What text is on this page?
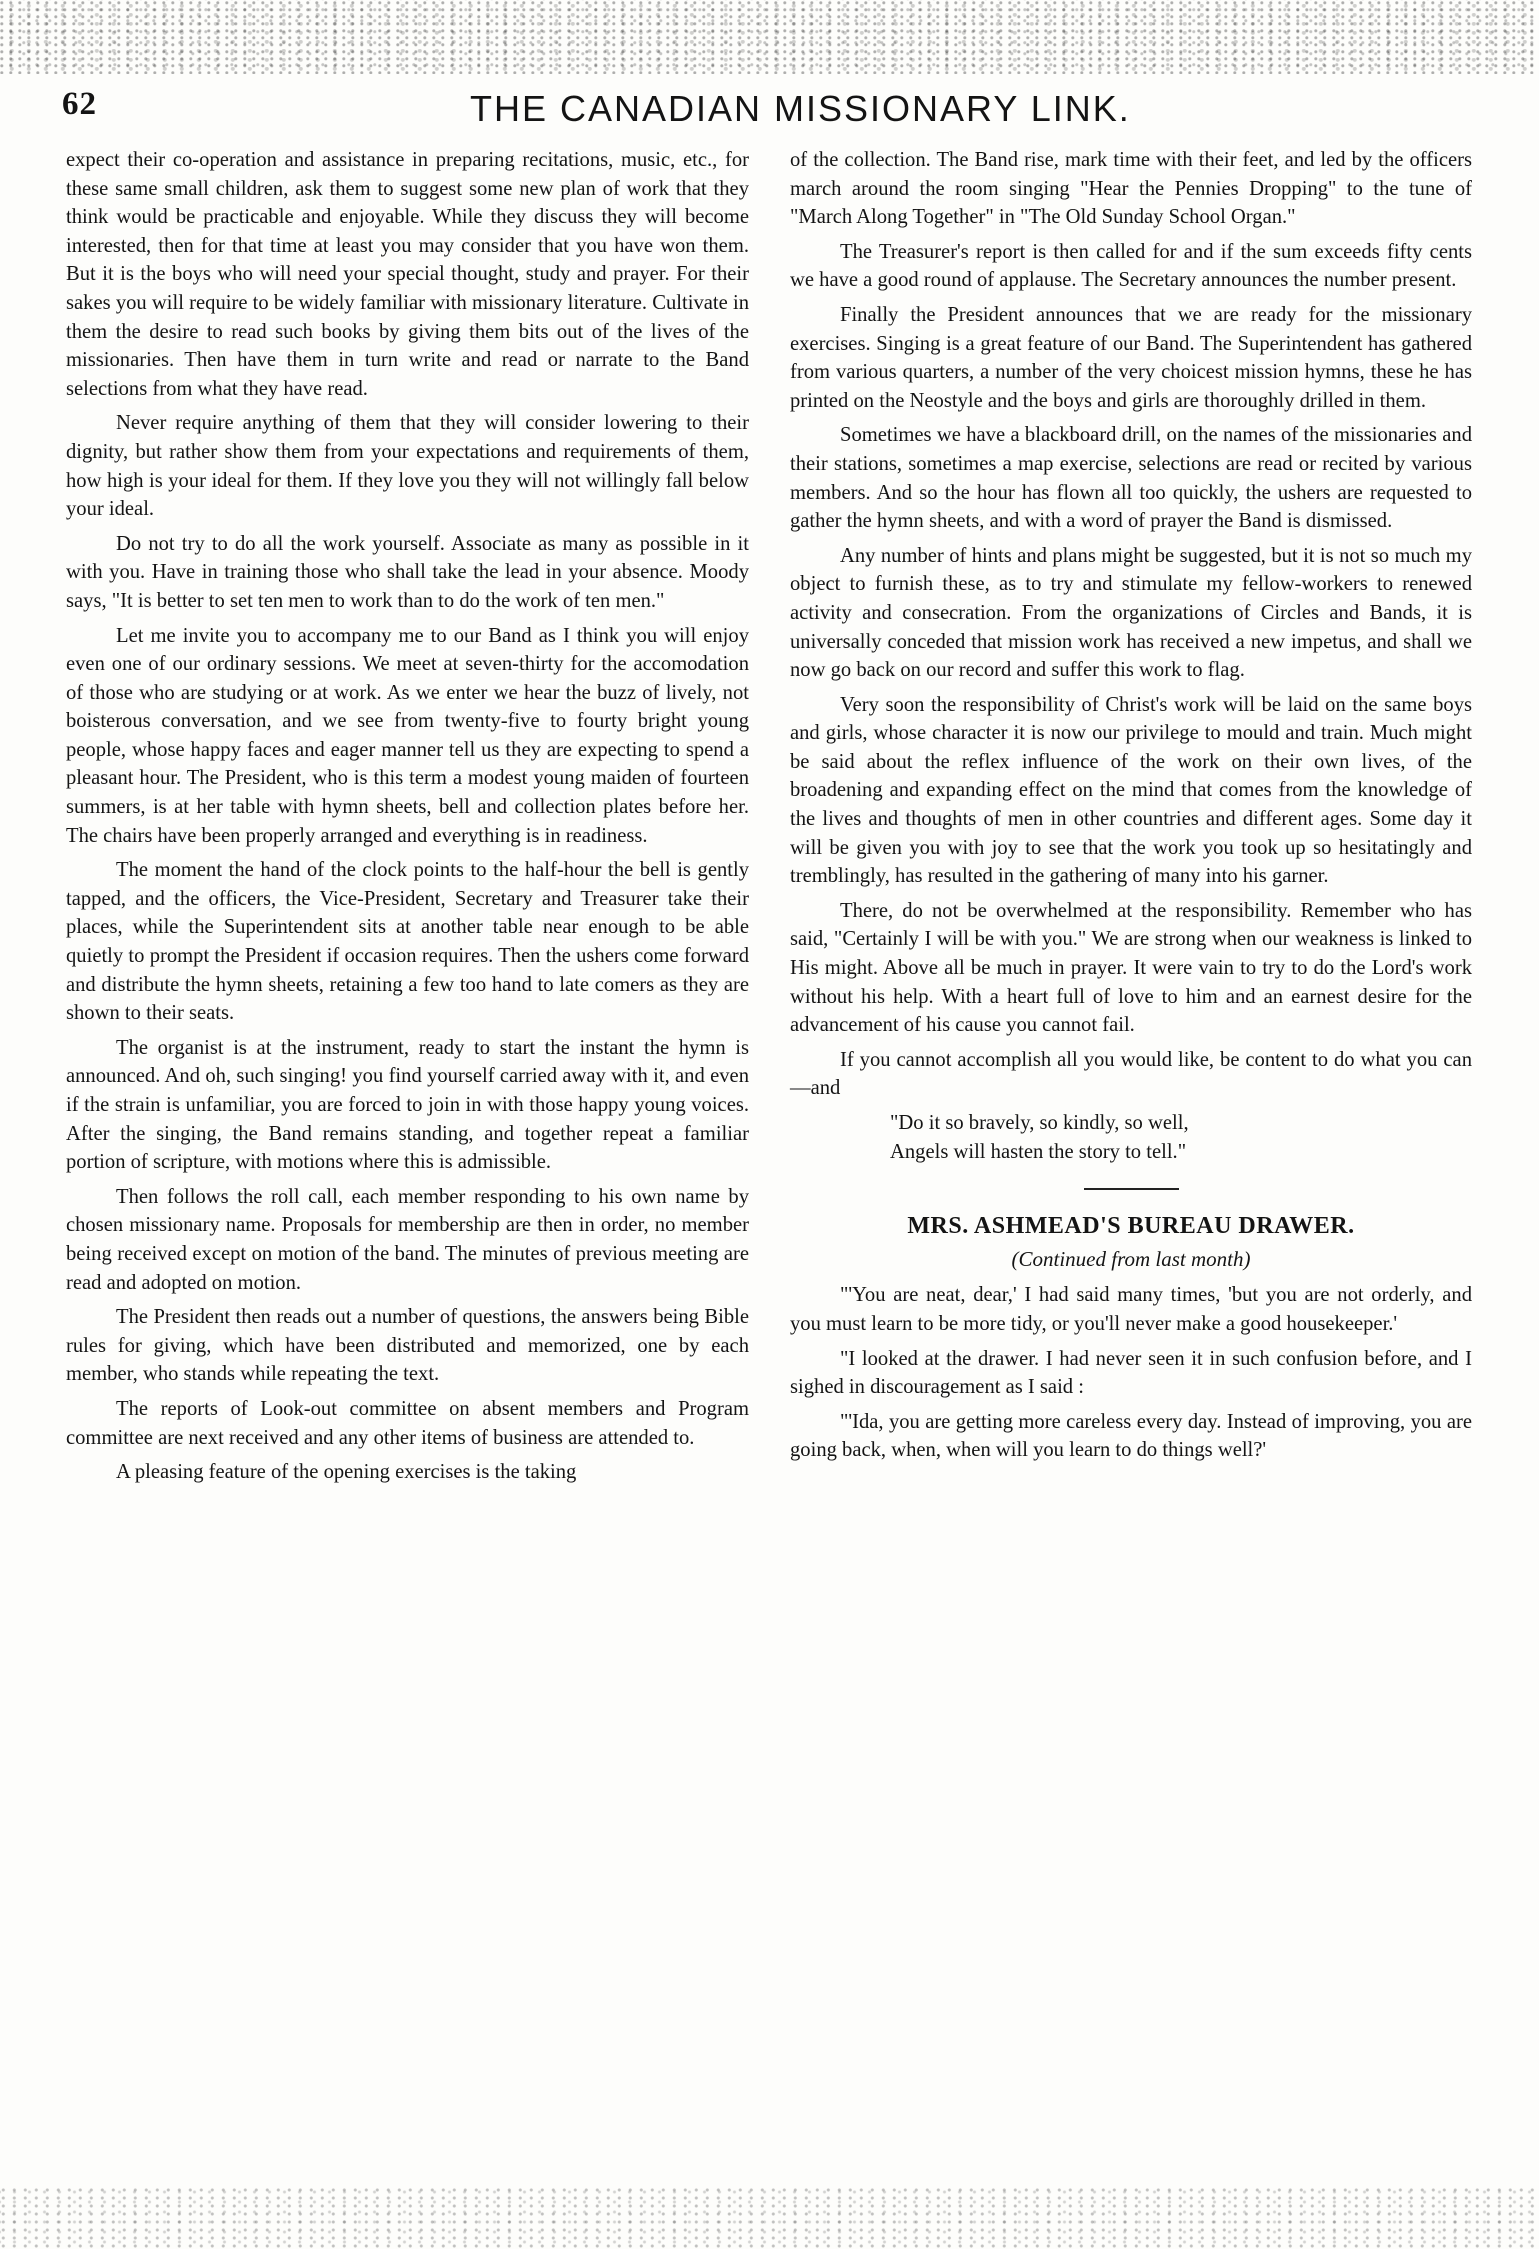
62	THE CANADIAN MISSIONARY LINK.

expect their co-operation and assistance in preparing recitations, music, etc., for these same small children, ask them to suggest some new plan of work that they think would be practicable and enjoyable. While they discuss they will become interested, then for that time at least you may consider that you have won them. But it is the boys who will need your special thought, study and prayer. For their sakes you will require to be widely familiar with missionary literature. Cultivate in them the desire to read such books by giving them bits out of the lives of the missionaries. Then have them in turn write and read or narrate to the Band selections from what they have read.

Never require anything of them that they will consider lowering to their dignity, but rather show them from your expectations and requirements of them, how high is your ideal for them. If they love you they will not willingly fall below your ideal.

Do not try to do all the work yourself. Associate as many as possible in it with you. Have in training those who shall take the lead in your absence. Moody says, "It is better to set ten men to work than to do the work of ten men."

Let me invite you to accompany me to our Band as I think you will enjoy even one of our ordinary sessions. We meet at seven-thirty for the accomodation of those who are studying or at work. As we enter we hear the buzz of lively, not boisterous conversation, and we see from twenty-five to fourty bright young people, whose happy faces and eager manner tell us they are expecting to spend a pleasant hour. The President, who is this term a modest young maiden of fourteen summers, is at her table with hymn sheets, bell and collection plates before her. The chairs have been properly arranged and everything is in readiness.

The moment the hand of the clock points to the half-hour the bell is gently tapped, and the officers, the Vice-President, Secretary and Treasurer take their places, while the Superintendent sits at another table near enough to be able quietly to prompt the President if occasion requires. Then the ushers come forward and distribute the hymn sheets, retaining a few too hand to late comers as they are shown to their seats.

The organist is at the instrument, ready to start the instant the hymn is announced. And oh, such singing! you find yourself carried away with it, and even if the strain is unfamiliar, you are forced to join in with those happy young voices. After the singing, the Band remains standing, and together repeat a familiar portion of scripture, with motions where this is admissible.

Then follows the roll call, each member responding to his own name by chosen missionary name. Proposals for membership are then in order, no member being received except on motion of the band. The minutes of previous meeting are read and adopted on motion.

The President then reads out a number of questions, the answers being Bible rules for giving, which have been distributed and memorized, one by each member, who stands while repeating the text.

The reports of Look-out committee on absent members and Program committee are next received and any other items of business are attended to.

A pleasing feature of the opening exercises is the taking

of the collection. The Band rise, mark time with their feet, and led by the officers march around the room singing "Hear the Pennies Dropping" to the tune of "March Along Together" in "The Old Sunday School Organ."

The Treasurer's report is then called for and if the sum exceeds fifty cents we have a good round of applause. The Secretary announces the number present.

Finally the President announces that we are ready for the missionary exercises. Singing is a great feature of our Band. The Superintendent has gathered from various quarters, a number of the very choicest mission hymns, these he has printed on the Neostyle and the boys and girls are thoroughly drilled in them.

Sometimes we have a blackboard drill, on the names of the missionaries and their stations, sometimes a map exercise, selections are read or recited by various members. And so the hour has flown all too quickly, the ushers are requested to gather the hymn sheets, and with a word of prayer the Band is dismissed.

Any number of hints and plans might be suggested, but it is not so much my object to furnish these, as to try and stimulate my fellow-workers to renewed activity and consecration. From the organizations of Circles and Bands, it is universally conceded that mission work has received a new impetus, and shall we now go back on our record and suffer this work to flag.

Very soon the responsibility of Christ's work will be laid on the same boys and girls, whose character it is now our privilege to mould and train. Much might be said about the reflex influence of the work on their own lives, of the broadening and expanding effect on the mind that comes from the knowledge of the lives and thoughts of men in other countries and different ages. Some day it will be given you with joy to see that the work you took up so hesitatingly and tremblingly, has resulted in the gathering of many into his garner.

There, do not be overwhelmed at the responsibility. Remember who has said, "Certainly I will be with you." We are strong when our weakness is linked to His might. Above all be much in prayer. It were vain to try to do the Lord's work without his help. With a heart full of love to him and an earnest desire for the advancement of his cause you cannot fail.

If you cannot accomplish all you would like, be content to do what you can—and

"Do it so bravely, so kindly, so well,
Angels will hasten the story to tell."
MRS. ASHMEAD'S BUREAU DRAWER.
(Continued from last month)

"'You are neat, dear,' I had said many times, 'but you are not orderly, and you must learn to be more tidy, or you'll never make a good housekeeper.'

"I looked at the drawer. I had never seen it in such confusion before, and I sighed in discouragement as I said :

"'Ida, you are getting more careless every day. Instead of improving, you are going back, when, when will you learn to do things well?'
